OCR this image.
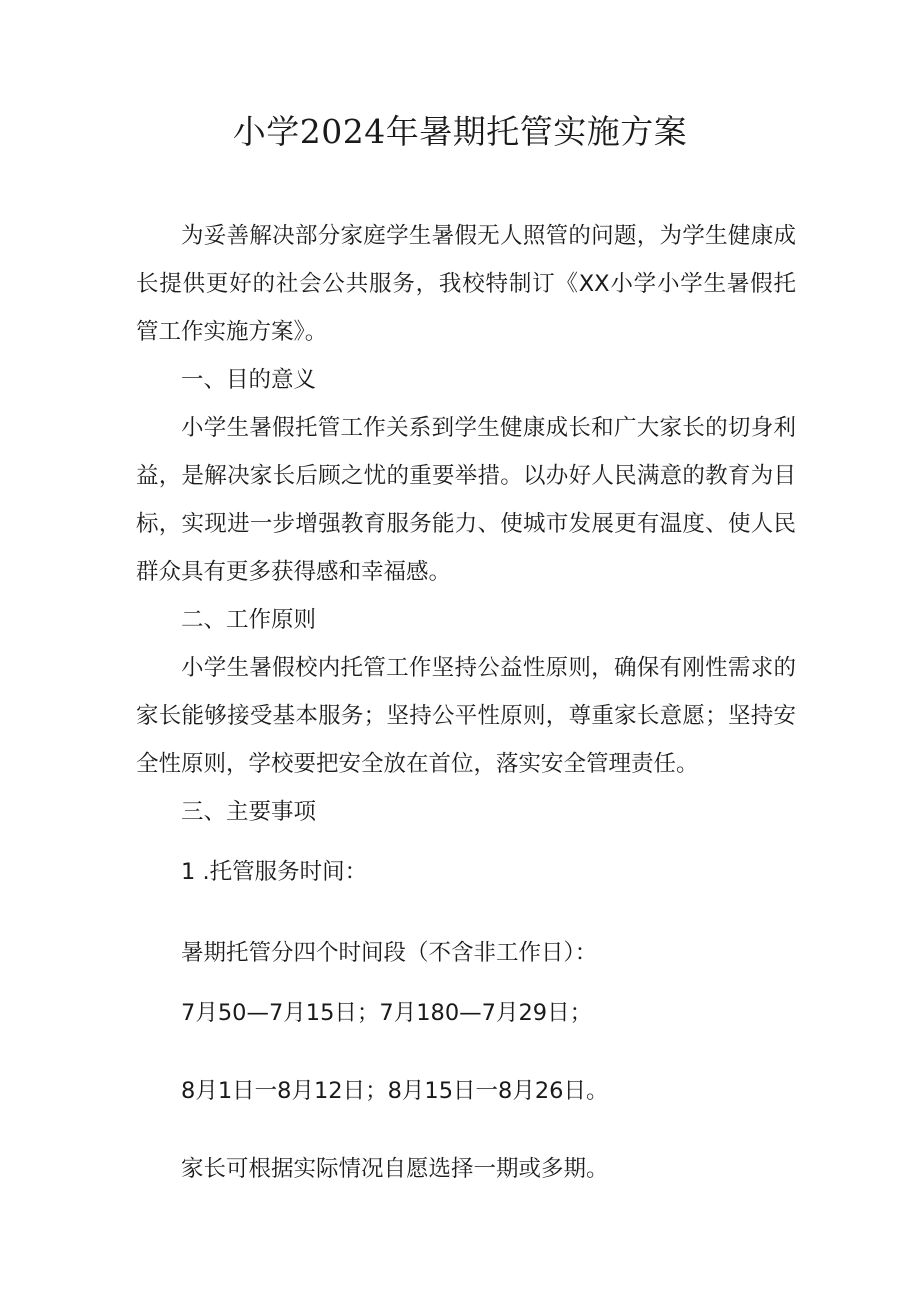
小学2024年暑期托管实施方案

为妥善解决部分家庭学生暑假无人照管的问题，为学生健康成长提供更好的社会公共服务，我校特制订《XX小学小学生暑假托管工作实施方案》。

一、目的意义

小学生暑假托管工作关系到学生健康成长和广大家长的切身利益，是解决家长后顾之忧的重要举措。以办好人民满意的教育为目标，实现进一步增强教育服务能力、使城市发展更有温度、使人民群众具有更多获得感和幸福感。

二、工作原则

小学生暑假校内托管工作坚持公益性原则，确保有刚性需求的家长能够接受基本服务；坚持公平性原则，尊重家长意愿；坚持安全性原则，学校要把安全放在首位，落实安全管理责任。

三、主要事项

1 .托管服务时间：

暑期托管分四个时间段（不含非工作日）：

7月50—7月15日；7月180—7月29日；

8月1日一8月12日；8月15日一8月26日。

家长可根据实际情况自愿选择一期或多期。
